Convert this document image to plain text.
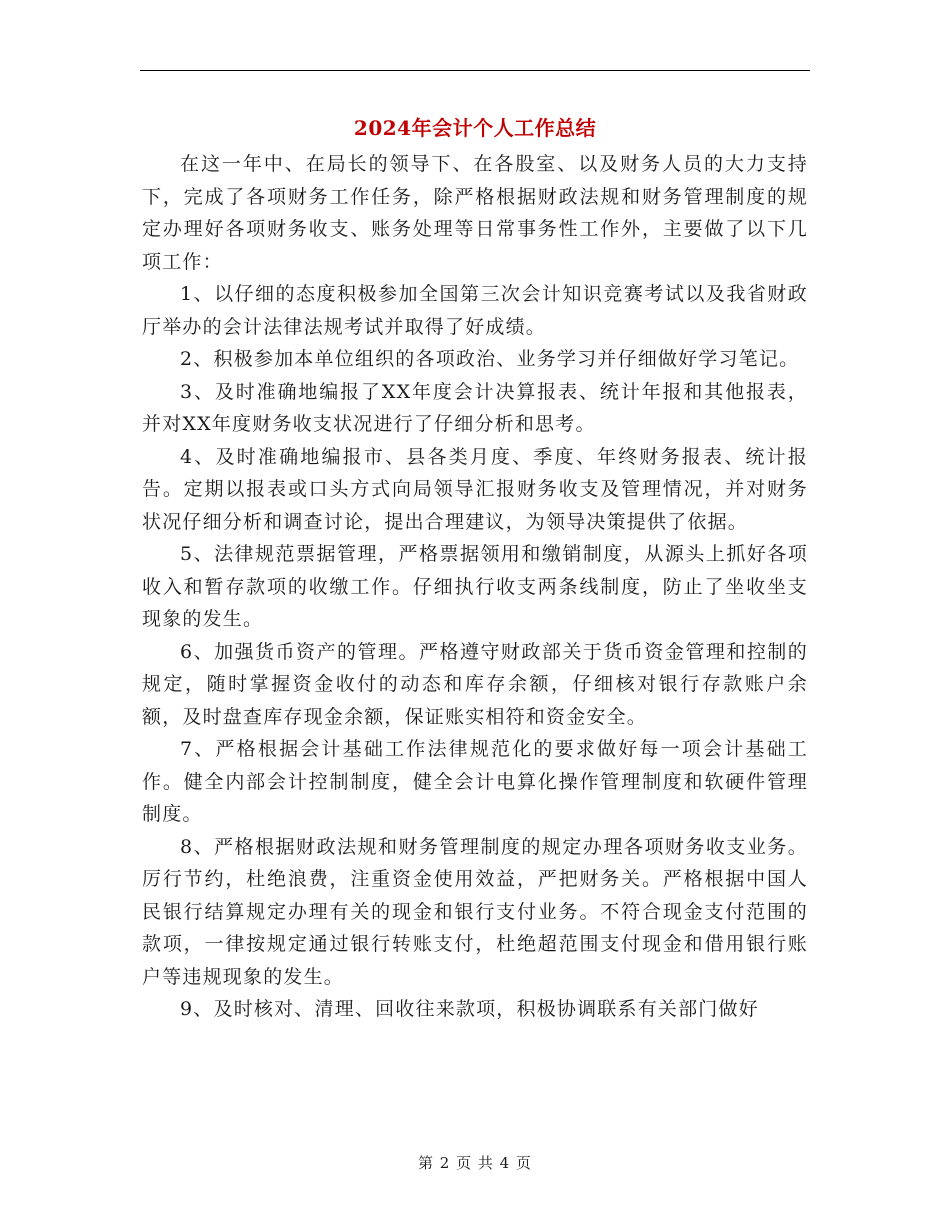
2024年会计个人工作总结

在这一年中、在局长的领导下、在各股室、以及财务人员的大力支持下，完成了各项财务工作任务，除严格根据财政法规和财务管理制度的规定办理好各项财务收支、账务处理等日常事务性工作外，主要做了以下几项工作：

1、以仔细的态度积极参加全国第三次会计知识竞赛考试以及我省财政厅举办的会计法律法规考试并取得了好成绩。

2、积极参加本单位组织的各项政治、业务学习并仔细做好学习笔记。

3、及时准确地编报了XX年度会计决算报表、统计年报和其他报表，并对XX年度财务收支状况进行了仔细分析和思考。

4、及时准确地编报市、县各类月度、季度、年终财务报表、统计报告。定期以报表或口头方式向局领导汇报财务收支及管理情况，并对财务状况仔细分析和调查讨论，提出合理建议，为领导决策提供了依据。

5、法律规范票据管理，严格票据领用和缴销制度，从源头上抓好各项收入和暂存款项的收缴工作。仔细执行收支两条线制度，防止了坐收坐支现象的发生。

6、加强货币资产的管理。严格遵守财政部关于货币资金管理和控制的规定，随时掌握资金收付的动态和库存余额，仔细核对银行存款账户余额，及时盘查库存现金余额，保证账实相符和资金安全。

7、严格根据会计基础工作法律规范化的要求做好每一项会计基础工作。健全内部会计控制制度，健全会计电算化操作管理制度和软硬件管理制度。

8、严格根据财政法规和财务管理制度的规定办理各项财务收支业务。厉行节约，杜绝浪费，注重资金使用效益，严把财务关。严格根据中国人民银行结算规定办理有关的现金和银行支付业务。不符合现金支付范围的款项，一律按规定通过银行转账支付，杜绝超范围支付现金和借用银行账户等违规现象的发生。

9、及时核对、清理、回收往来款项，积极协调联系有关部门做好

第 2 页 共 4 页
